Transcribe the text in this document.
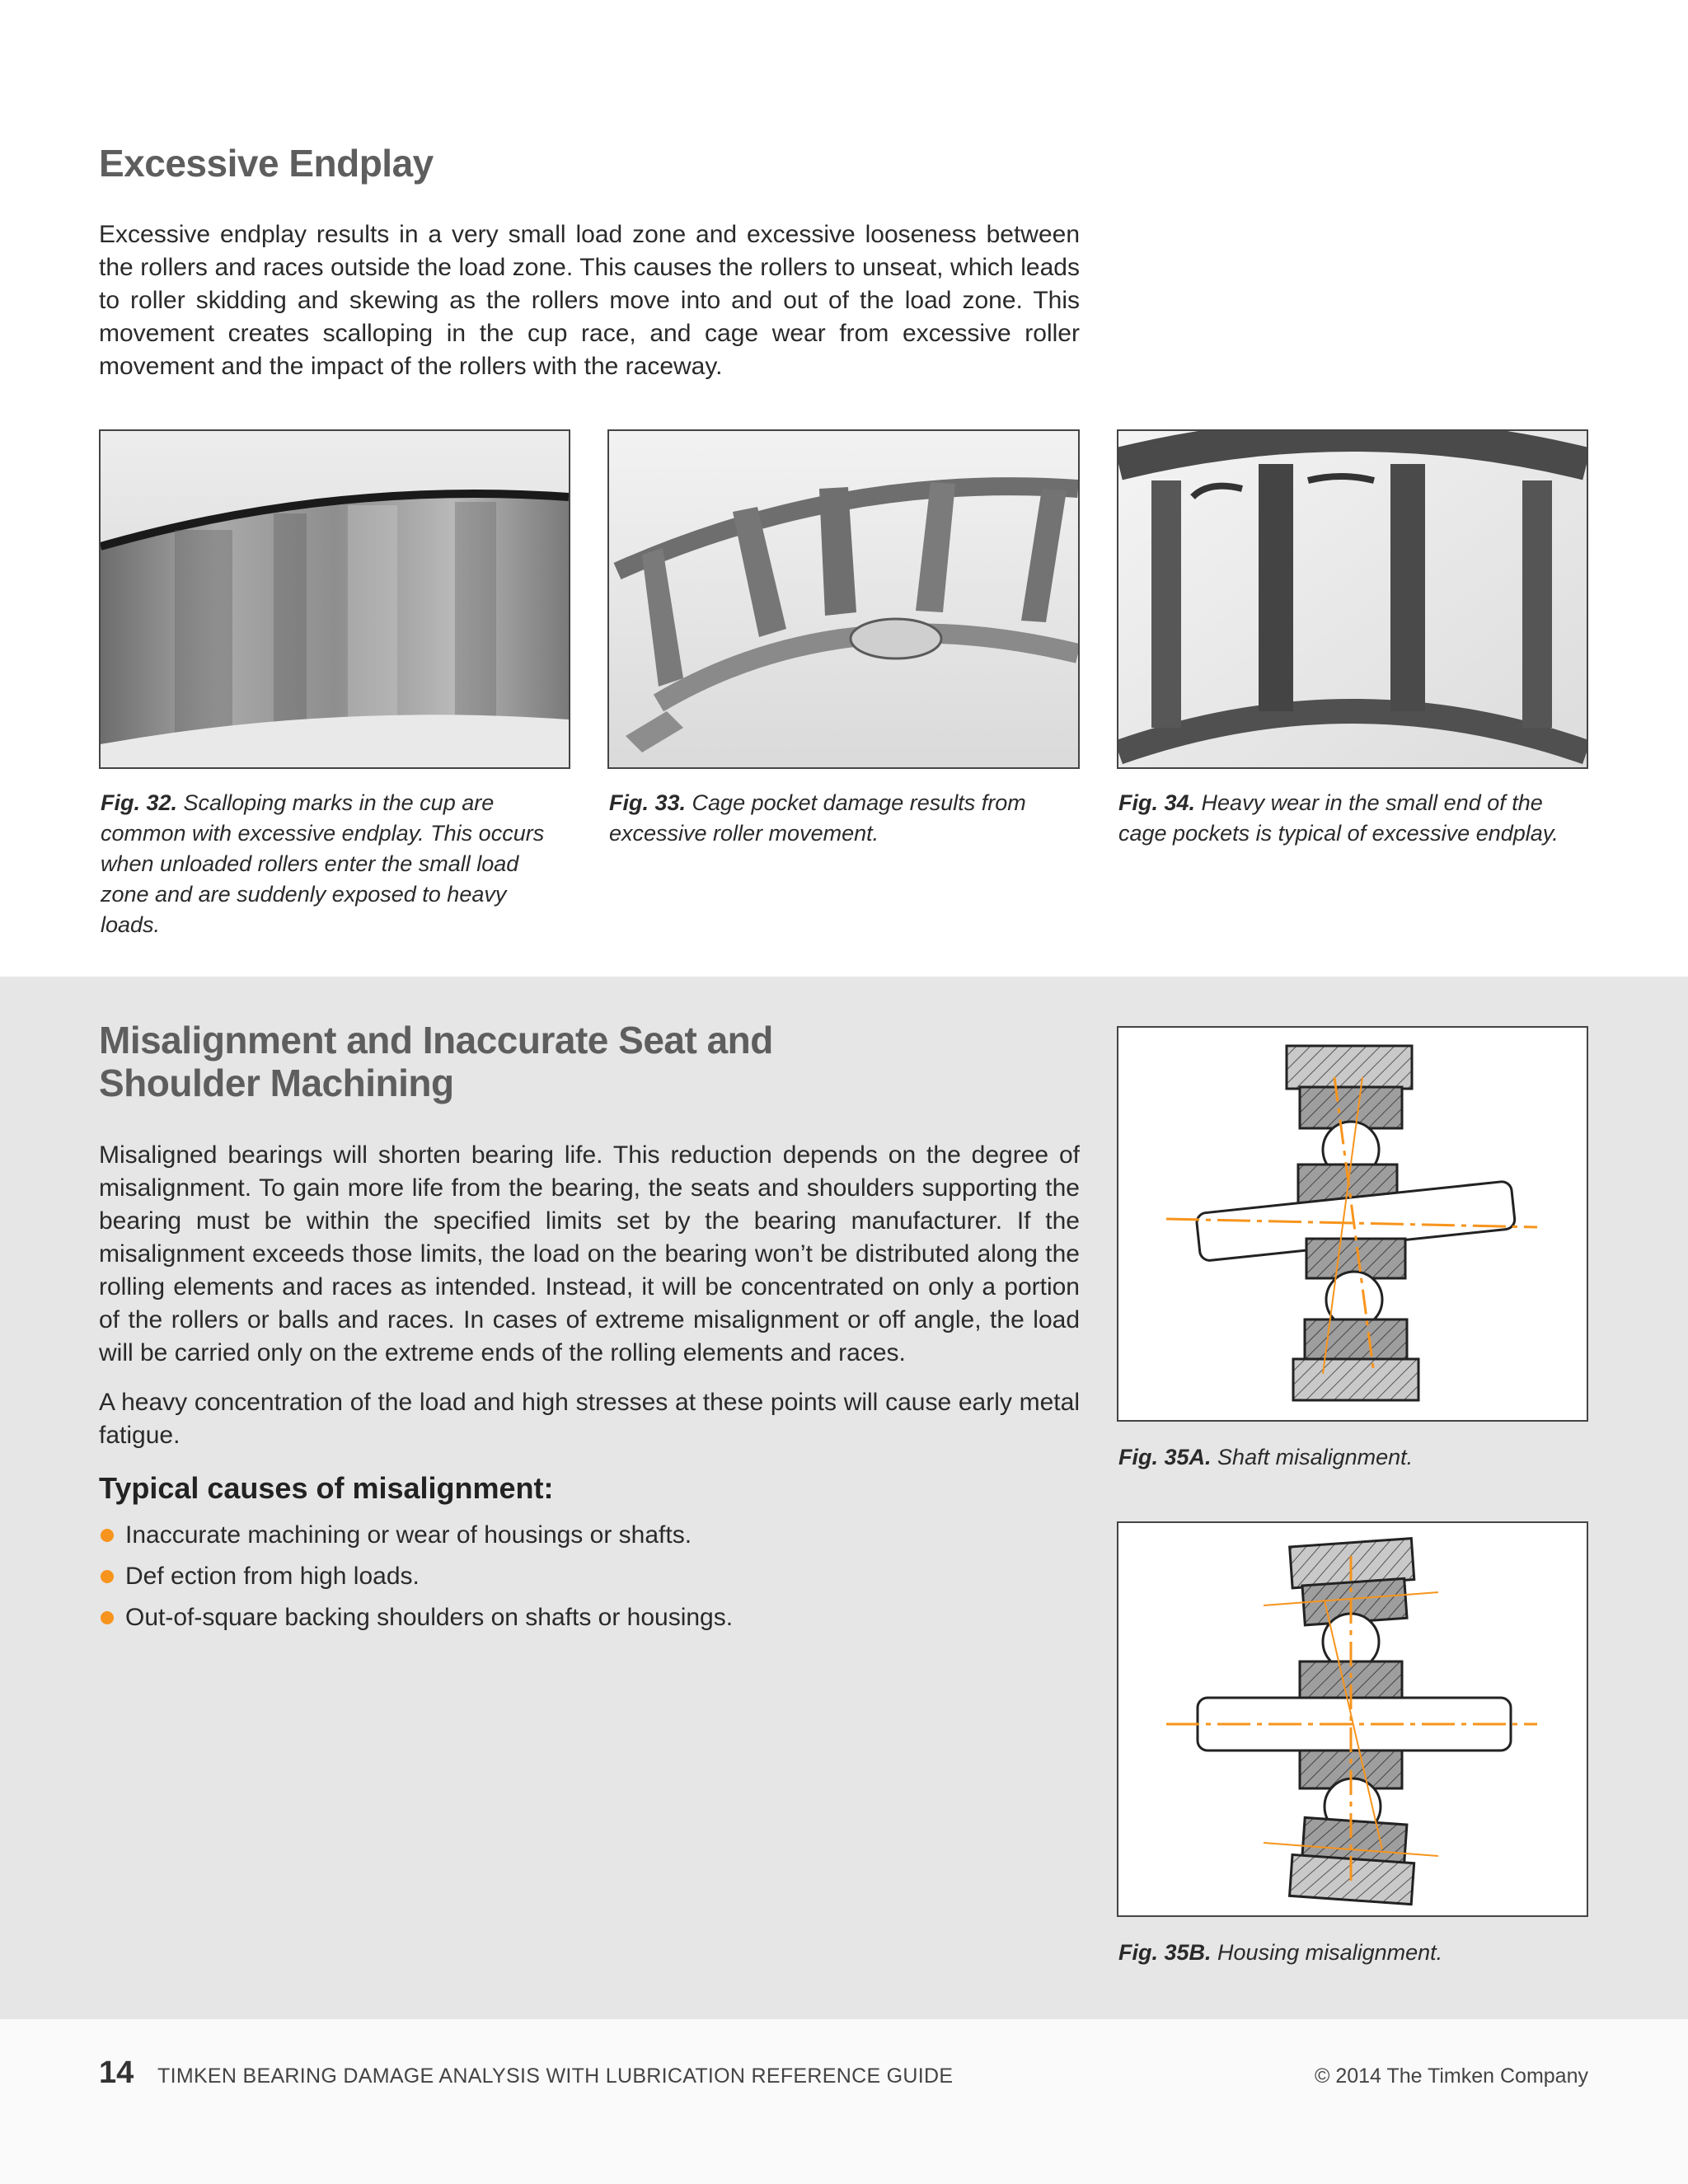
Excessive Endplay

Excessive endplay results in a very small load zone and excessive looseness between the rollers and races outside the load zone. This causes the rollers to unseat, which leads to roller skidding and skewing as the rollers move into and out of the load zone. This movement creates scalloping in the cup race, and cage wear from excessive roller movement and the impact of the rollers with the raceway.

Fig. 32. Scalloping marks in the cup are common with excessive endplay. This occurs when unloaded rollers enter the small load zone and are suddenly exposed to heavy loads.
Fig. 33. Cage pocket damage results from excessive roller movement.
Fig. 34. Heavy wear in the small end of the cage pockets is typical of excessive endplay.
Misalignment and Inaccurate Seat and
Shoulder Machining

Misaligned bearings will shorten bearing life. This reduction depends on the degree of misalignment. To gain more life from the bearing, the seats and shoulders supporting the bearing must be within the specified limits set by the bearing manufacturer. If the misalignment exceeds those limits, the load on the bearing won’t be distributed along the rolling elements and races as intended. Instead, it will be concentrated on only a portion of the rollers or balls and races. In cases of extreme misalignment or off angle, the load will be carried only on the extreme ends of the rolling elements and races.

A heavy concentration of the load and high stresses at these points will cause early metal fatigue.

Typical causes of misalignment:
Inaccurate machining or wear of housings or shafts.
Def ection from high loads.
Out-of-square backing shoulders on shafts or housings.
Fig. 35A. Shaft misalignment.
Fig. 35B. Housing misalignment.
14 TIMKEN BEARING DAMAGE ANALYSIS WITH LUBRICATION REFERENCE GUIDE	© 2014 The Timken Company
